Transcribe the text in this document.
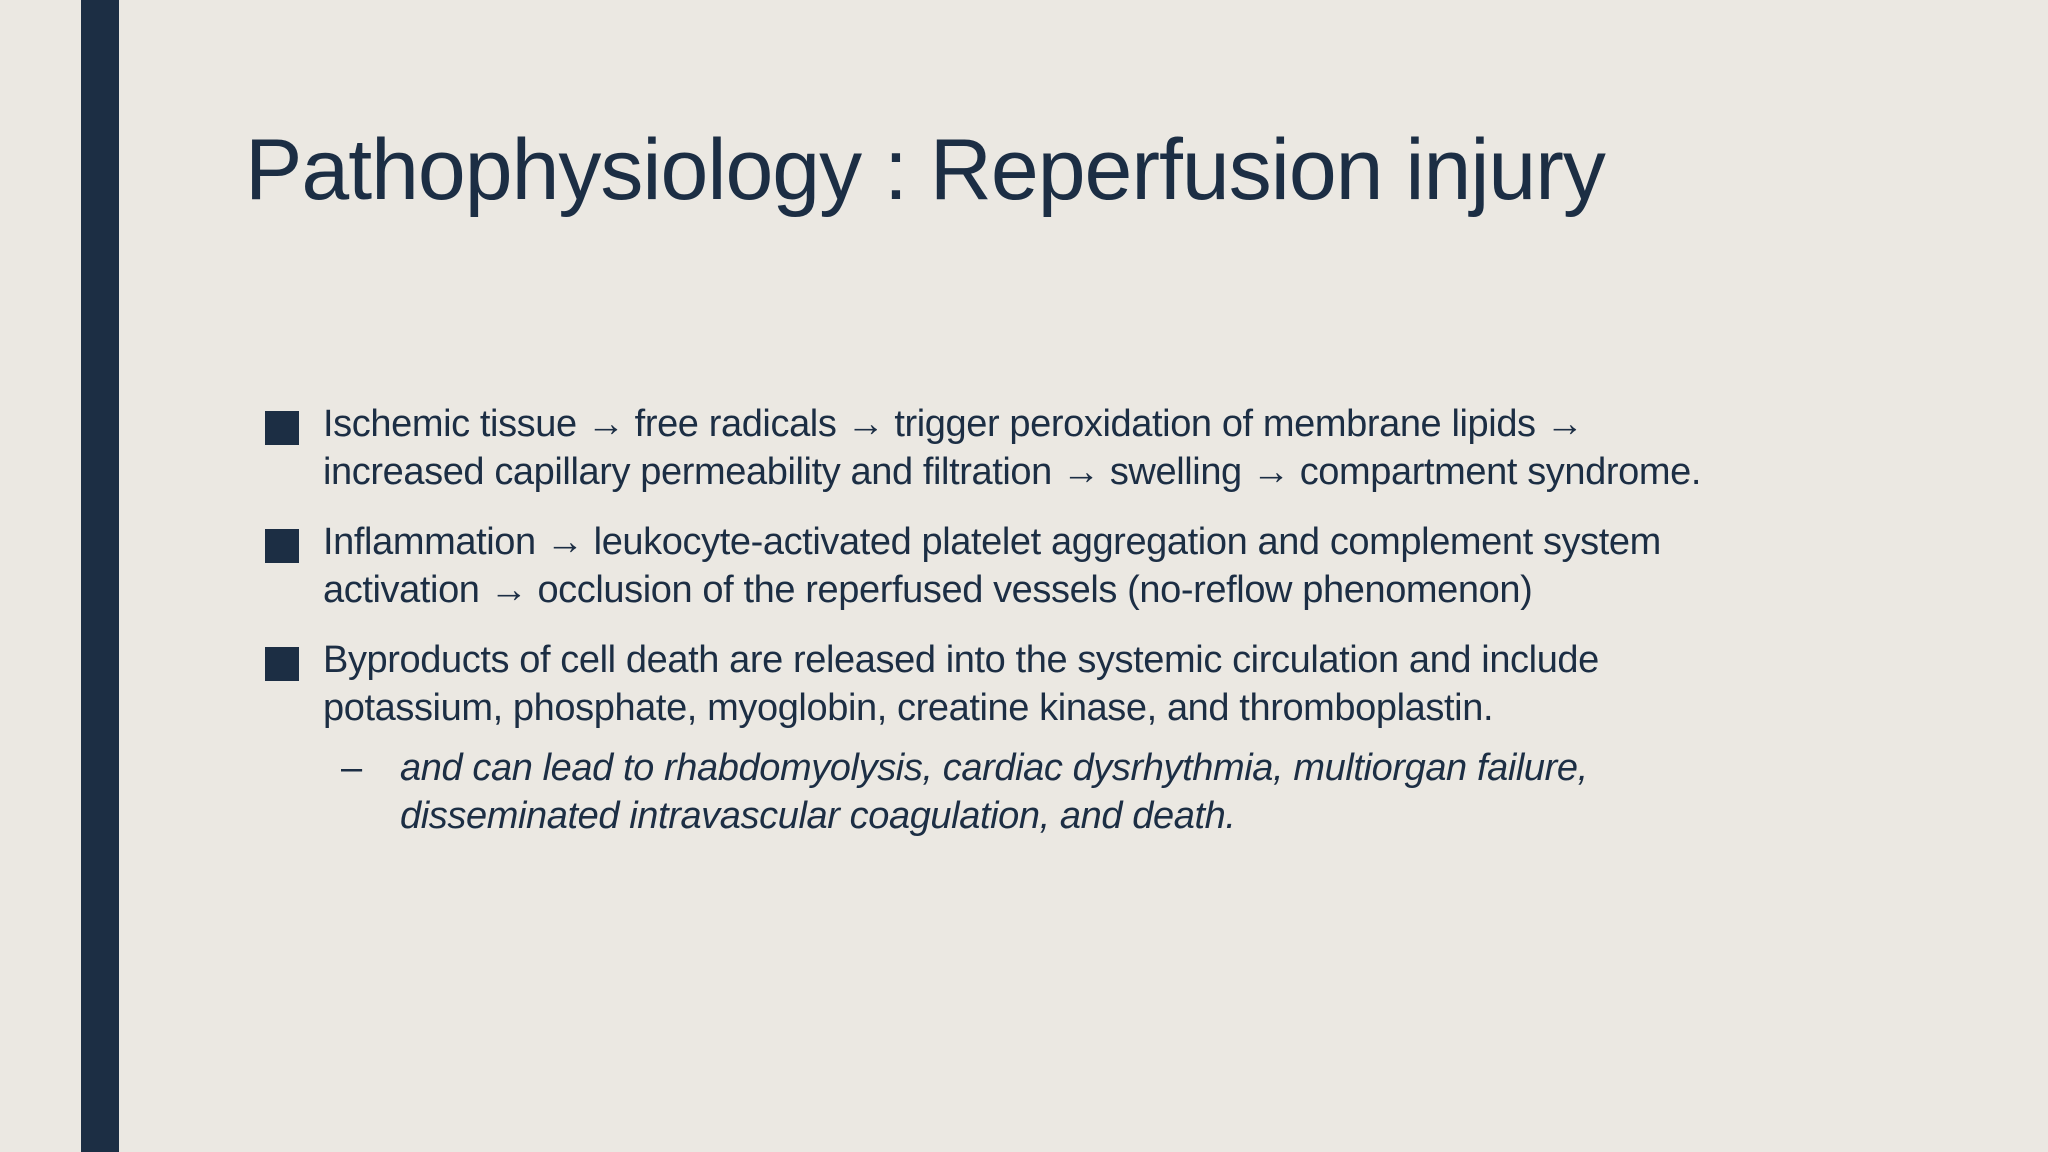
Pathophysiology : Reperfusion injury
Ischemic tissue → free radicals → trigger peroxidation of membrane lipids →
increased capillary permeability and filtration → swelling → compartment syndrome.
Inflammation → leukocyte-activated platelet aggregation and complement system
activation → occlusion of the reperfused vessels (no-reflow phenomenon)
Byproducts of cell death are released into the systemic circulation and include
potassium, phosphate, myoglobin, creatine kinase, and thromboplastin.
– and can lead to rhabdomyolysis, cardiac dysrhythmia, multiorgan failure,
disseminated intravascular coagulation, and death.
